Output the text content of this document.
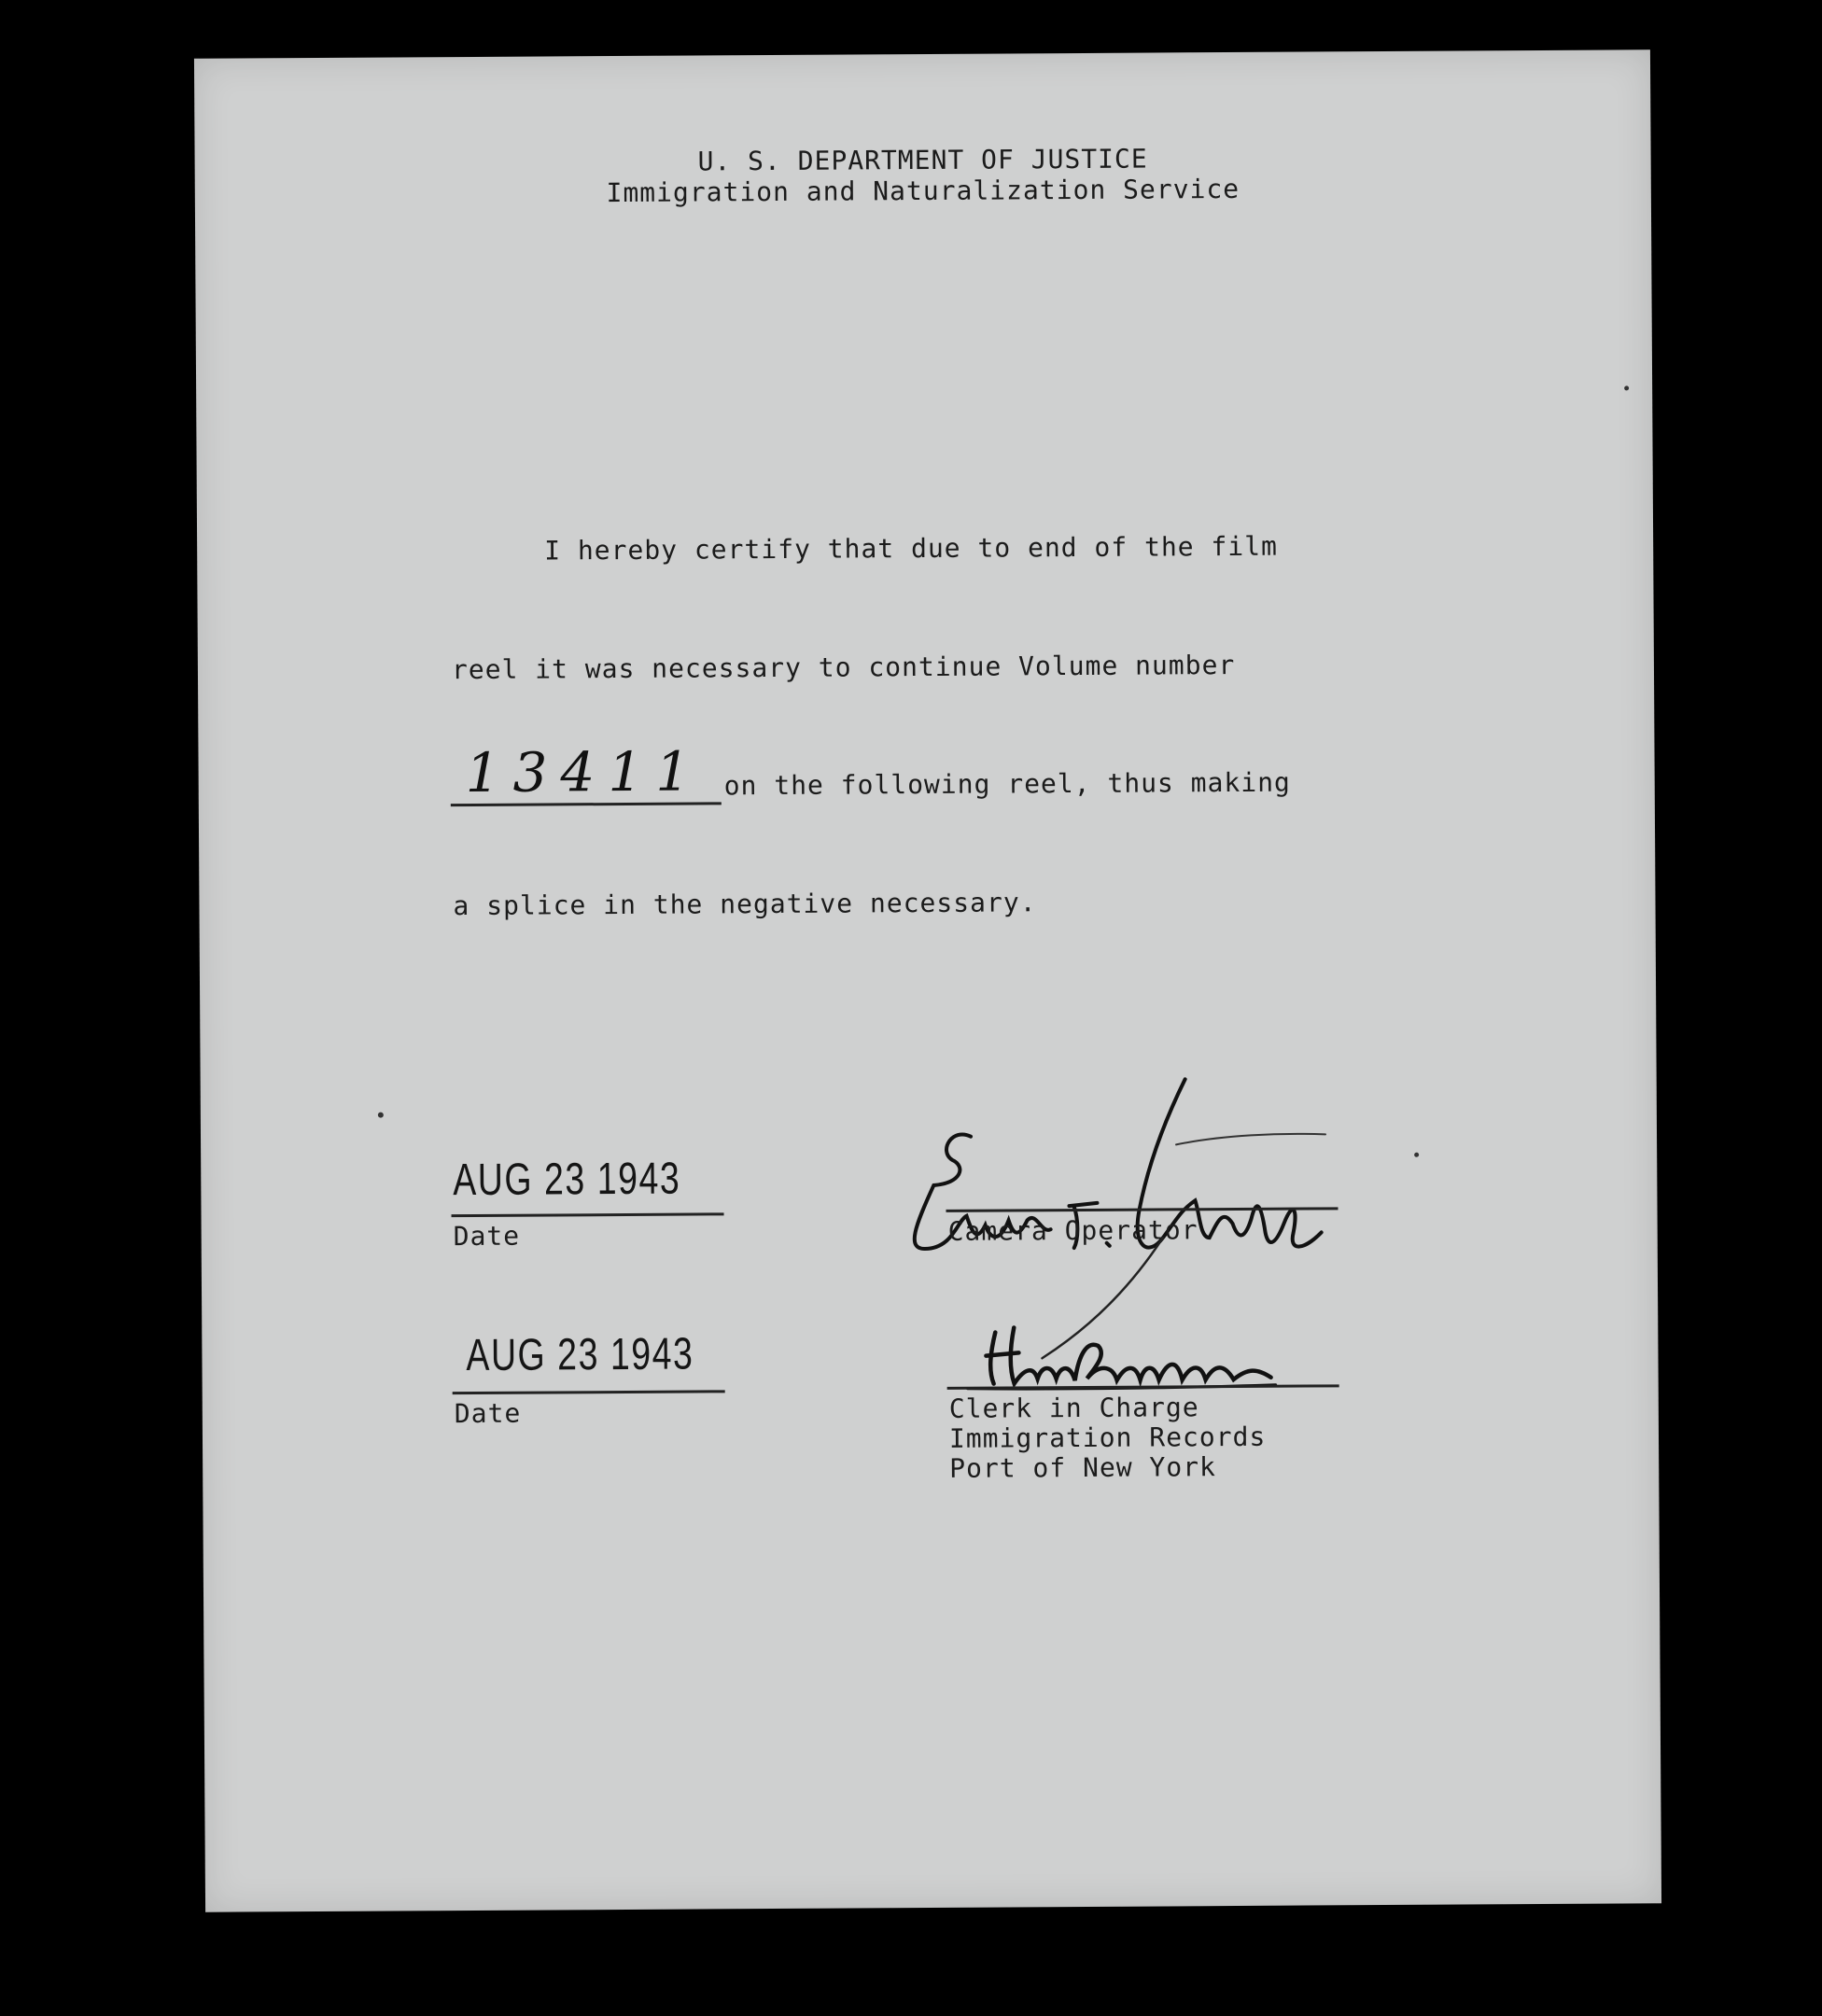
U. S. DEPARTMENT OF JUSTICE
Immigration and Naturalization Service
I hereby certify that due to end of the film
reel it was necessary to continue Volume number
13411 on the following reel, thus making
a splice in the negative necessary.
AUG 23 1943
Date
AUG 23 1943
Date
Camera Operator
Clerk in Charge
Immigration Records
Port of New York
